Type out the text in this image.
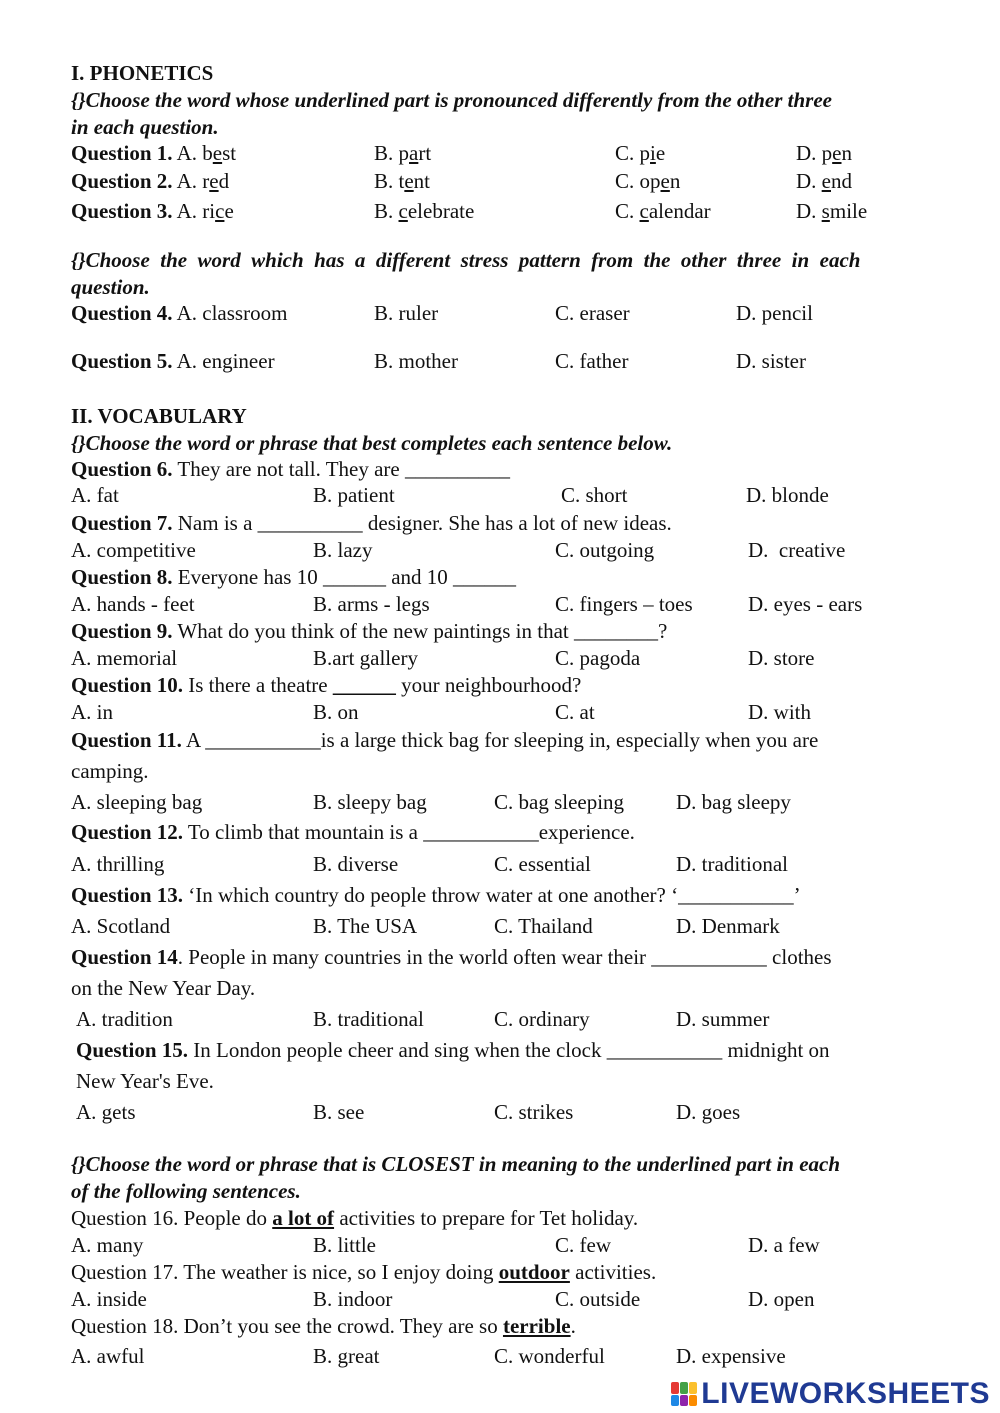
I. PHONETICS
{}Choose the word whose underlined part is pronounced differently from the other three
in each question.
Question 1. A. best	B. part	C. pie	D. pen
Question 2. A. red	B. tent	C. open	D. end
Question 3. A. rice	B. celebrate	C. calendar	D. smile
{}Choose the word which has a different stress pattern from the other three in each
question.
Question 4. A. classroom	B. ruler	C. eraser	D. pencil
Question 5. A. engineer	B. mother	C. father	D. sister
II. VOCABULARY
{}Choose the word or phrase that best completes each sentence below.
Question 6. They are not tall. They are __________
A. fat	B. patient	C. short	D. blonde
Question 7. Nam is a __________ designer. She has a lot of new ideas.
A. competitive	B. lazy	C. outgoing	D.  creative
Question 8. Everyone has 10 ______ and 10 ______
A. hands - feet	B. arms - legs	C. fingers – toes	D. eyes - ears
Question 9. What do you think of the new paintings in that ________?
A. memorial	B.art gallery	C. pagoda	D. store
Question 10. Is there a theatre ______ your neighbourhood?
A. in	B. on	C. at	D. with
Question 11. A ___________is a large thick bag for sleeping in, especially when you are
camping.
A. sleeping bag	B. sleepy bag	C. bag sleeping D. bag sleepy
Question 12. To climb that mountain is a ___________experience.
A. thrilling	B. diverse	C. essential	D. traditional
Question 13. ‘In which country do people throw water at one another? ‘___________’
A. Scotland	B. The USA	C. Thailand	D. Denmark
Question 14. People in many countries in the world often wear their ___________ clothes
on the New Year Day.
A. tradition	B. traditional	C. ordinary	D. summer
Question 15. In London people cheer and sing when the clock ___________ midnight on
New Year's Eve.
A. gets	B. see	C. strikes	D. goes
{}Choose the word or phrase that is CLOSEST in meaning to the underlined part in each
of the following sentences.
Question 16. People do a lot of activities to prepare for Tet holiday.
A. many	B. little	C. few	D. a few
Question 17. The weather is nice, so I enjoy doing outdoor activities.
A. inside	B. indoor	C. outside	D. open
Question 18. Don’t you see the crowd. They are so terrible.
A. awful	B. great	C. wonderful	D. expensive
LIVEWORKSHEETS
